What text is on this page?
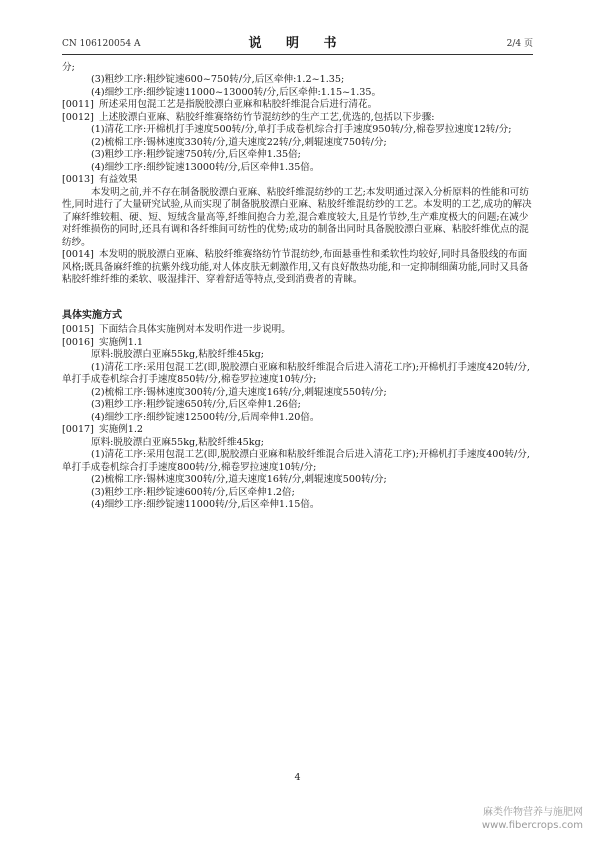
CN 106120054 A	说 明 书	2/4 页

分;

(3)粗纱工序:粗纱锭速600~750转/分,后区牵伸:1.2~1.35;

(4)细纱工序:细纱锭速11000~13000转/分,后区牵伸:1.15~1.35。

[0011] 所述采用包混工艺是指脱胶漂白亚麻和粘胶纤维混合后进行清花。

[0012] 上述胶漂白亚麻、粘胶纤维赛络纺竹节混纺纱的生产工艺,优选的,包括以下步骤:

(1)清花工序:开棉机打手速度500转/分,单打手成卷机综合打手速度950转/分,棉卷罗拉速度12转/分;

(2)梳棉工序:锡林速度330转/分,道夫速度22转/分,刺辊速度750转/分;

(3)粗纱工序:粗纱锭速750转/分,后区牵伸1.35倍;

(4)细纱工序:细纱锭速13000转/分,后区牵伸1.35倍。

[0013] 有益效果

本发明之前,并不存在制备脱胶漂白亚麻、粘胶纤维混纺纱的工艺;本发明通过深入分析原料的性能和可纺性,同时进行了大量研究试验,从而实现了制备脱胶漂白亚麻、粘胶纤维混纺纱的工艺。本发明的工艺,成功的解决了麻纤维较粗、硬、短、短绒含量高等,纤维间抱合力差,混合难度较大,且是竹节纱,生产难度极大的问题;在减少对纤维损伤的同时,还具有调和各纤维间可纺性的优势;成功的制备出同时具备脱胶漂白亚麻、粘胶纤维优点的混纺纱。

[0014] 本发明的脱胶漂白亚麻、粘胶纤维赛络纺竹节混纺纱,布面悬垂性和柔软性均较好,同时具备股线的布面风格;既具备麻纤维的抗紫外线功能,对人体皮肤无刺激作用,又有良好散热功能,和一定抑制细菌功能,同时又具备粘胶纤维纤维的柔软、吸湿排汗、穿着舒适等特点,受到消费者的青睐。

具体实施方式

[0015] 下面结合具体实施例对本发明作进一步说明。

[0016] 实施例1.1

原料:脱胶漂白亚麻55kg,粘胶纤维45kg;

(1)清花工序:采用包混工艺(即,脱胶漂白亚麻和粘胶纤维混合后进入清花工序);开棉机打手速度420转/分,单打手成卷机综合打手速度850转/分,棉卷罗拉速度10转/分;

(2)梳棉工序:锡林速度300转/分,道夫速度16转/分,刺辊速度550转/分;

(3)粗纱工序:粗纱锭速650转/分,后区牵伸1.26倍;

(4)细纱工序:细纱锭速12500转/分,后周牵伸1.20倍。

[0017] 实施例1.2

原料:脱胶漂白亚麻55kg,粘胶纤维45kg;

(1)清花工序:采用包混工艺(即,脱胶漂白亚麻和粘胶纤维混合后进入清花工序);开棉机打手速度400转/分,单打手成卷机综合打手速度800转/分,棉卷罗拉速度10转/分;

(2)梳棉工序:锡林速度300转/分,道夫速度16转/分,刺辊速度500转/分;

(3)粗纱工序:粗纱锭速600转/分,后区牵伸1.2倍;

(4)细纱工序:细纱锭速11000转/分,后区牵伸1.15倍。

4
麻类作物营养与施肥网
www.fibercrops.com
